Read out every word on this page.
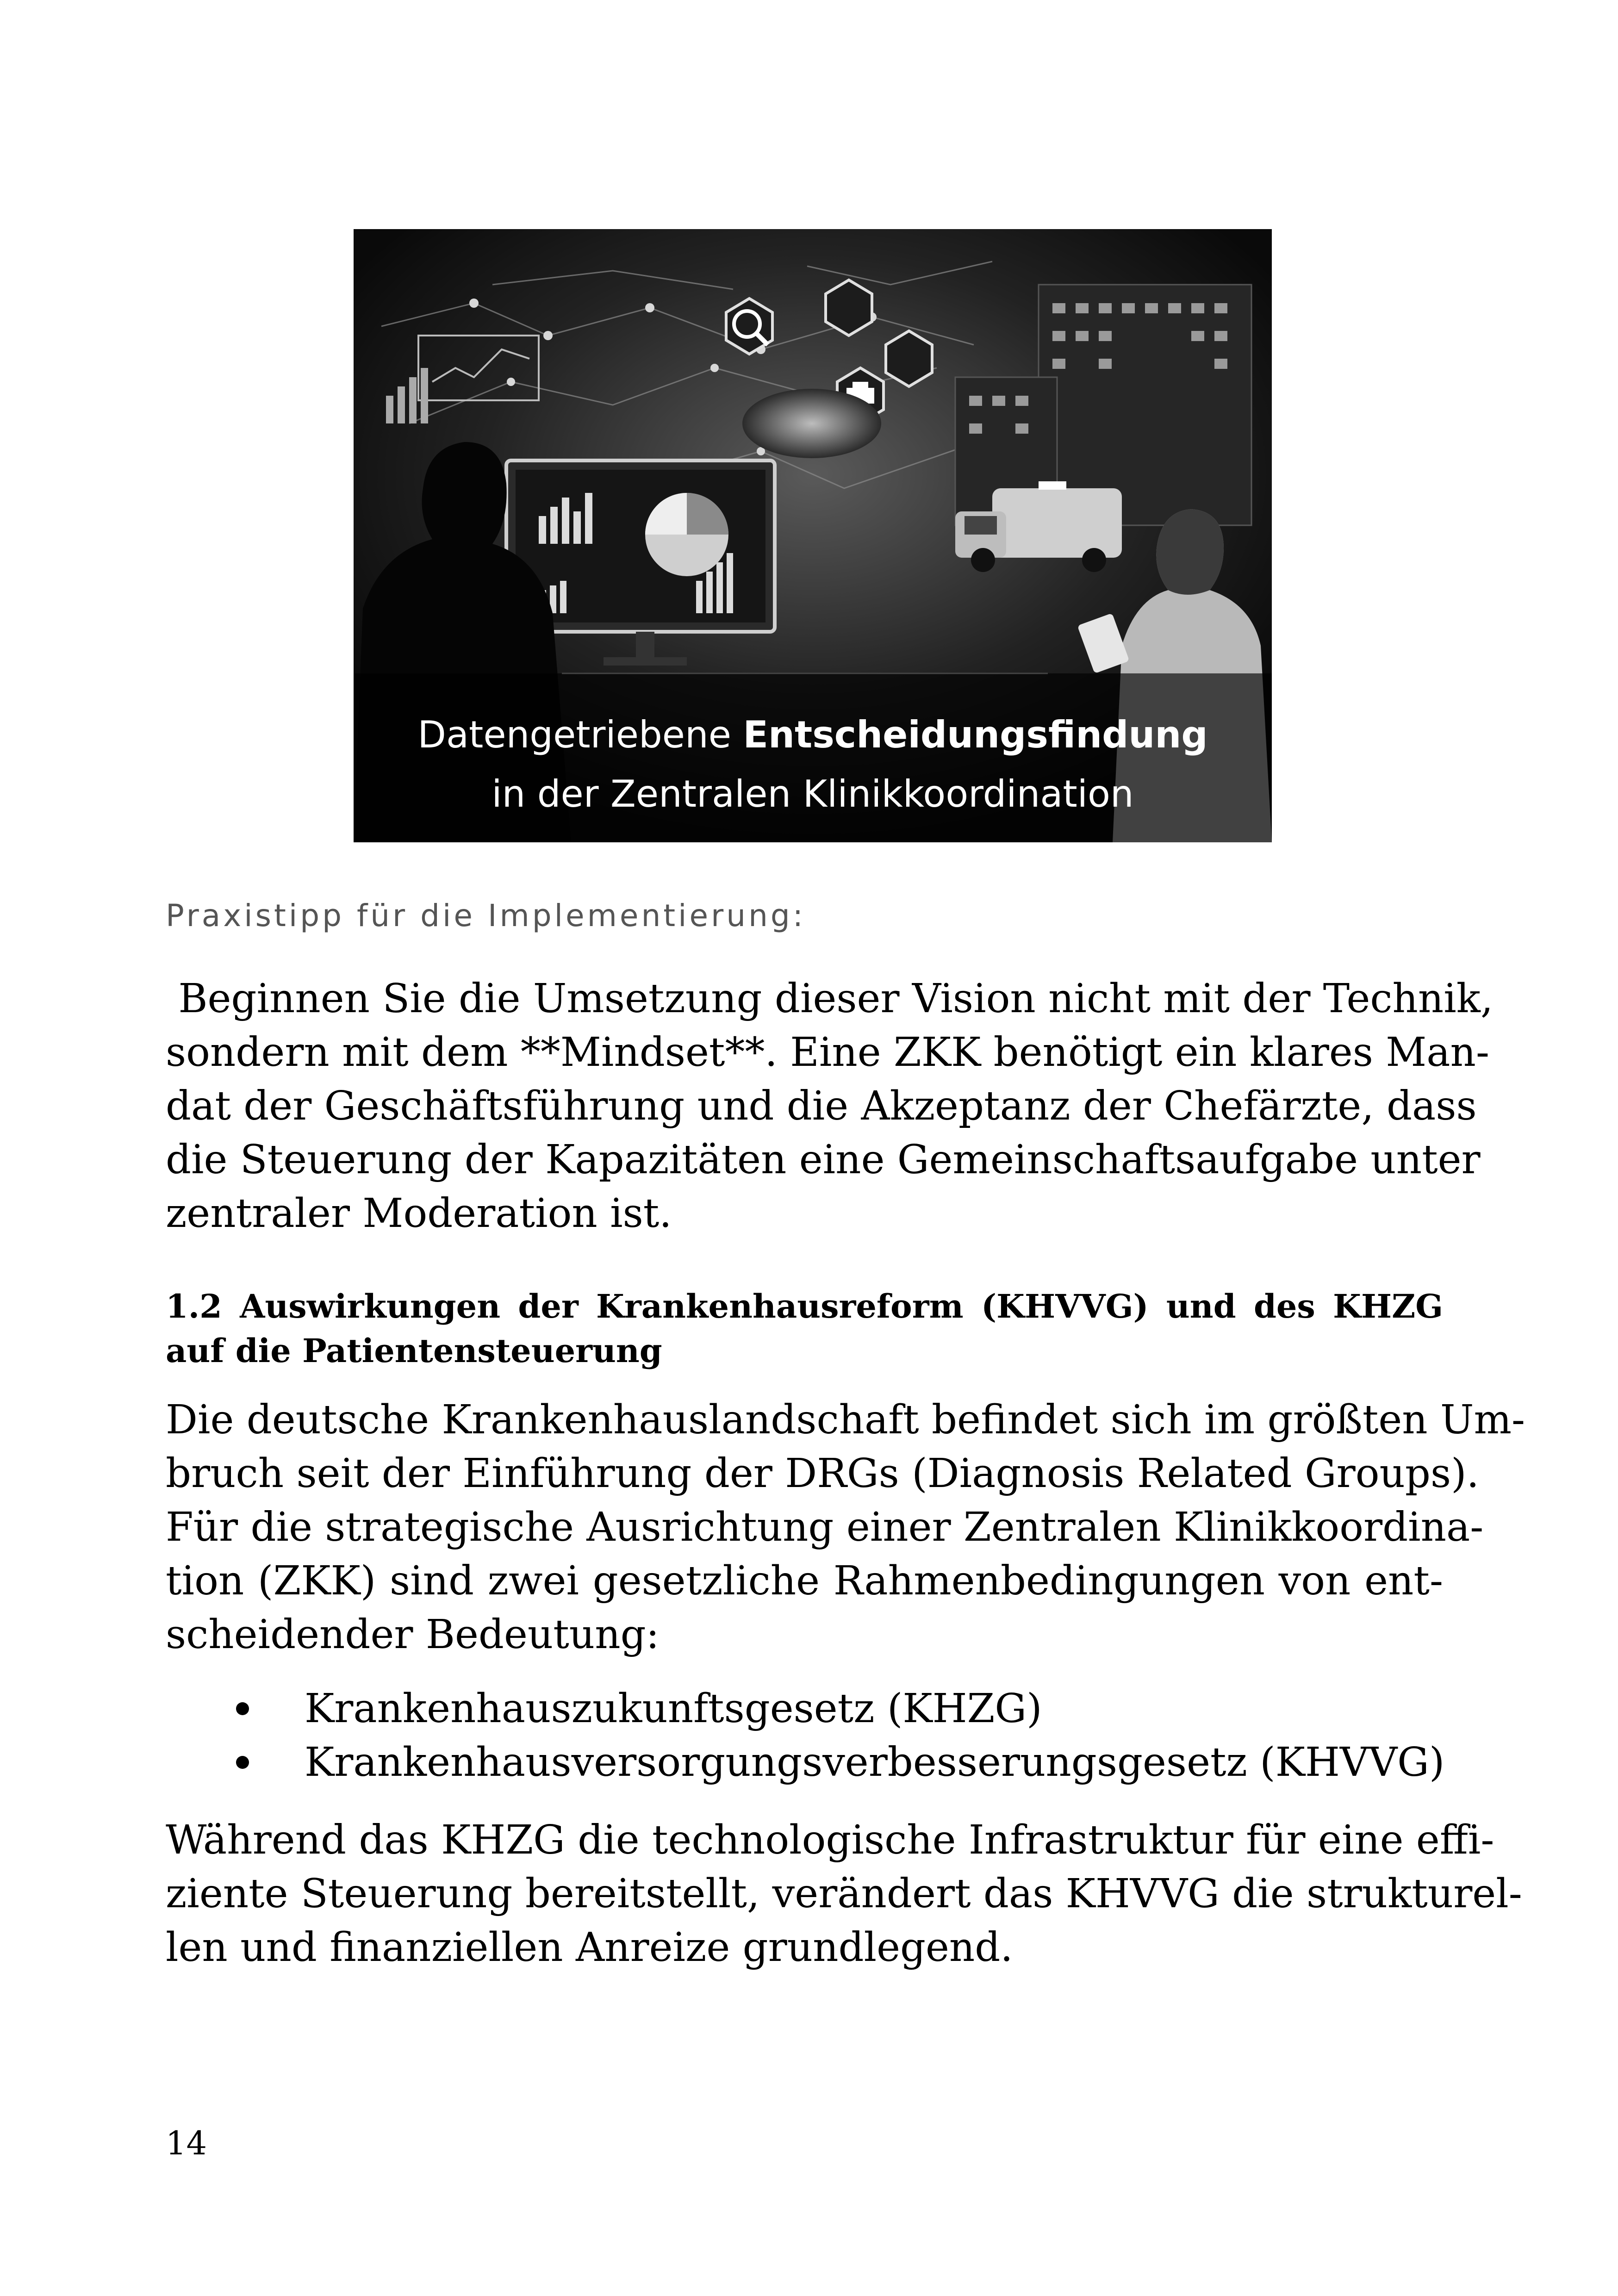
Datengetriebene Entscheidungsfindung
in der Zentralen Klinikkoordination
Praxistipp für die Implementierung:
Beginnen Sie die Umsetzung dieser Vision nicht mit der Technik,
sondern mit dem **Mindset**. Eine ZKK benötigt ein klares Man-
dat der Geschäftsführung und die Akzeptanz der Chefärzte, dass
die Steuerung der Kapazitäten eine Gemeinschaftsaufgabe unter
zentraler Moderation ist.
1.2 Auswirkungen der Krankenhausreform (KHVVG) und des KHZG
auf die Patientensteuerung
Die deutsche Krankenhauslandschaft befindet sich im größten Um-
bruch seit der Einführung der DRGs (Diagnosis Related Groups).
Für die strategische Ausrichtung einer Zentralen Klinikkoordina-
tion (ZKK) sind zwei gesetzliche Rahmenbedingungen von ent-
scheidender Bedeutung:
Krankenhauszukunftsgesetz (KHZG)
Krankenhausversorgungsverbesserungsgesetz (KHVVG)
Während das KHZG die technologische Infrastruktur für eine effi-
ziente Steuerung bereitstellt, verändert das KHVVG die strukturel-
len und finanziellen Anreize grundlegend.
14
